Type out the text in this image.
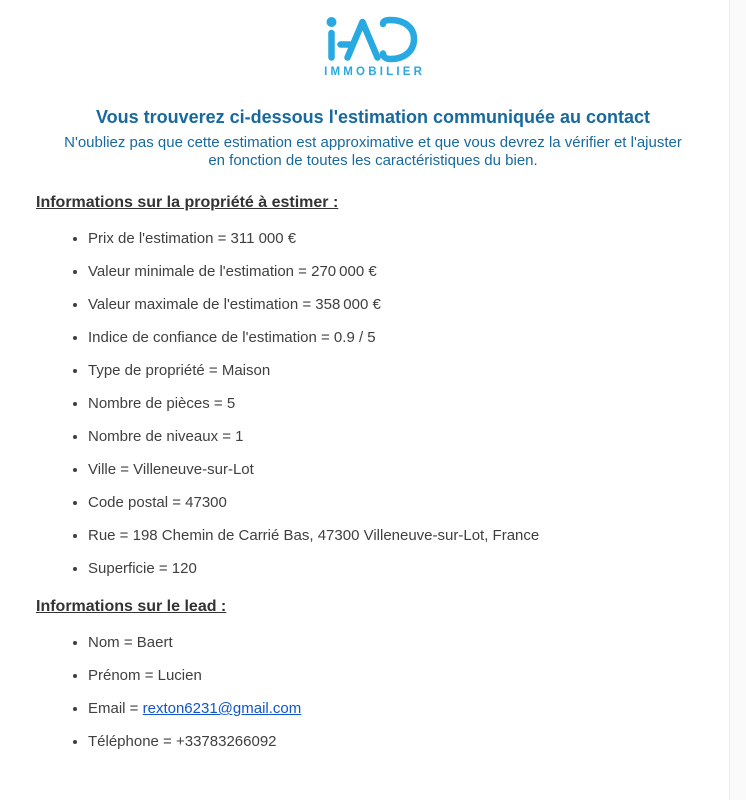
IMMOBILIER
Vous trouverez ci-dessous l'estimation communiquée au contact
N'oubliez pas que cette estimation est approximative et que vous devrez la vérifier et l'ajuster
en fonction de toutes les caractéristiques du bien.
Informations sur la propriété à estimer :
• Prix de l'estimation = 311 000 €
• Valeur minimale de l'estimation = 270 000 €
• Valeur maximale de l'estimation = 358 000 €
• Indice de confiance de l'estimation = 0.9 / 5
• Type de propriété = Maison
• Nombre de pièces = 5
• Nombre de niveaux = 1
• Ville = Villeneuve-sur-Lot
• Code postal = 47300
• Rue = 198 Chemin de Carrié Bas, 47300 Villeneuve-sur-Lot, France
• Superficie = 120
Informations sur le lead :
• Nom = Baert
• Prénom = Lucien
• Email = rexton6231@gmail.com
• Téléphone = +33783266092
